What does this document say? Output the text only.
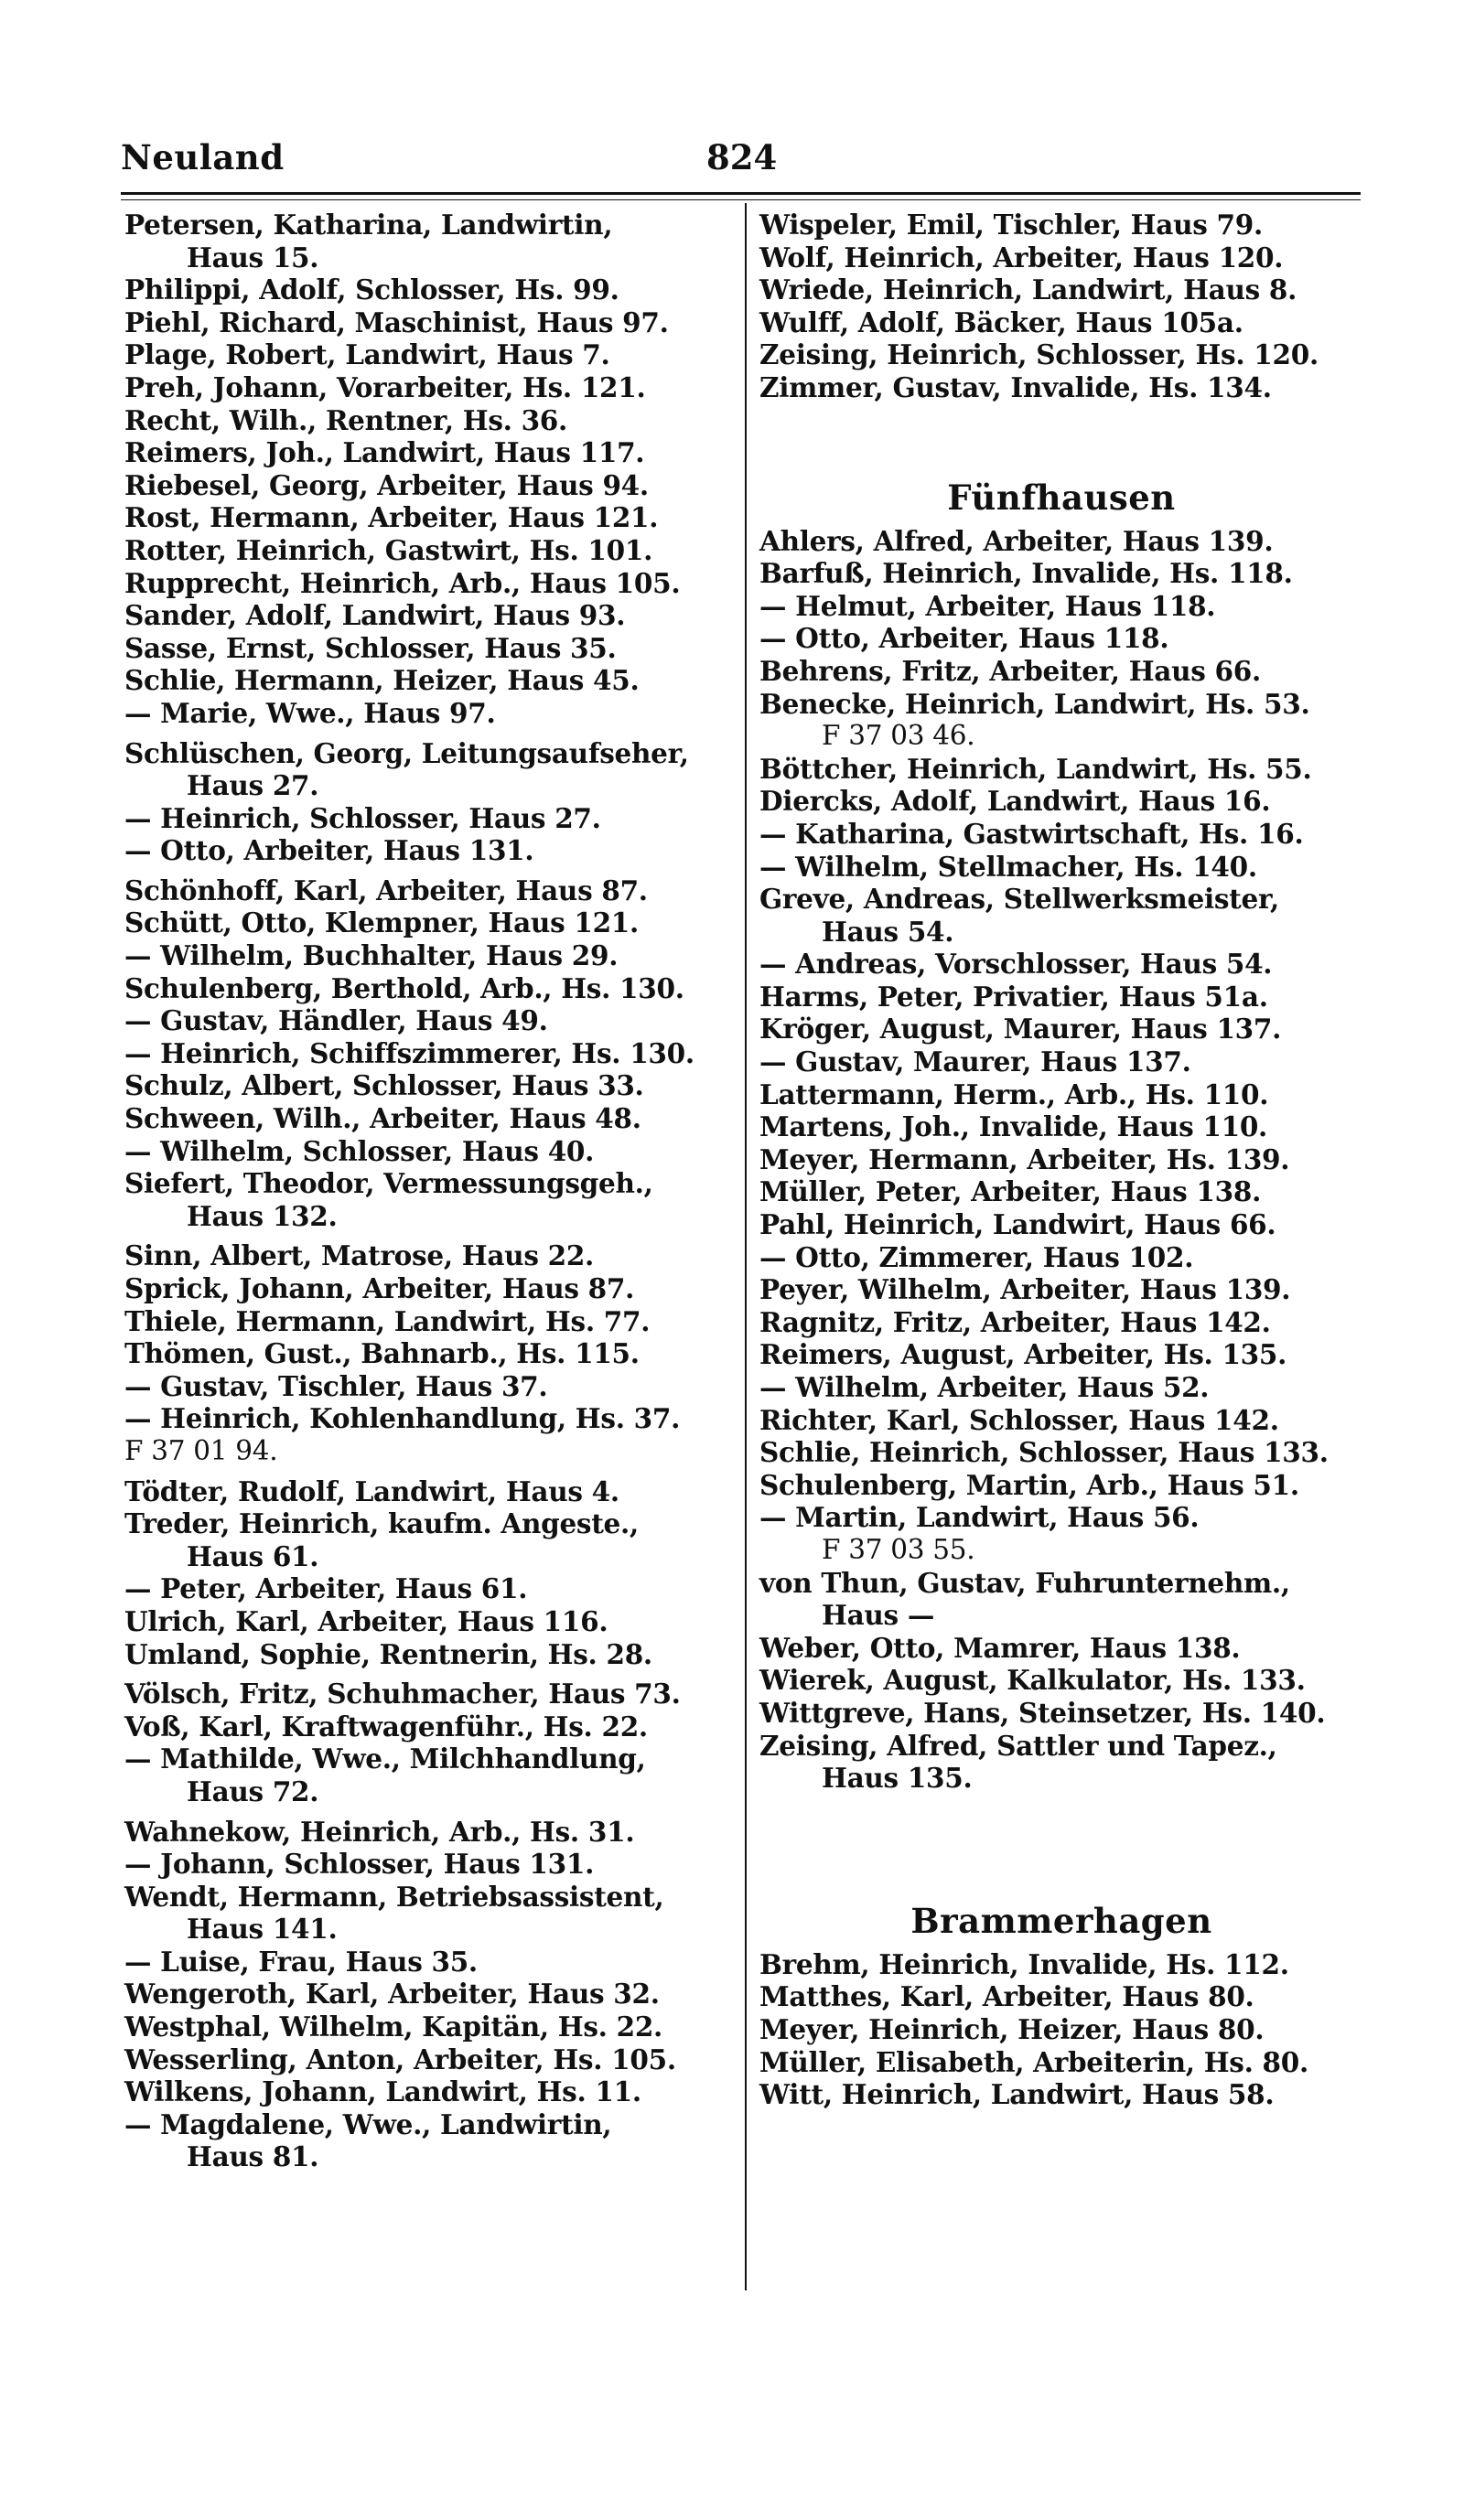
Neuland	824
Petersen, Katharina, Landwirtin,
Haus 15.
Philippi, Adolf, Schlosser, Hs. 99.
Piehl, Richard, Maschinist, Haus 97.
Plage, Robert, Landwirt, Haus 7.
Preh, Johann, Vorarbeiter, Hs. 121.
Recht, Wilh., Rentner, Hs. 36.
Reimers, Joh., Landwirt, Haus 117.
Riebesel, Georg, Arbeiter, Haus 94.
Rost, Hermann, Arbeiter, Haus 121.
Rotter, Heinrich, Gastwirt, Hs. 101.
Rupprecht, Heinrich, Arb., Haus 105.
Sander, Adolf, Landwirt, Haus 93.
Sasse, Ernst, Schlosser, Haus 35.
Schlie, Hermann, Heizer, Haus 45.
— Marie, Wwe., Haus 97.
Schlüschen, Georg, Leitungsaufseher,
Haus 27.
— Heinrich, Schlosser, Haus 27.
— Otto, Arbeiter, Haus 131.
Schönhoff, Karl, Arbeiter, Haus 87.
Schütt, Otto, Klempner, Haus 121.
— Wilhelm, Buchhalter, Haus 29.
Schulenberg, Berthold, Arb., Hs. 130.
— Gustav, Händler, Haus 49.
— Heinrich, Schiffszimmerer, Hs. 130.
Schulz, Albert, Schlosser, Haus 33.
Schween, Wilh., Arbeiter, Haus 48.
— Wilhelm, Schlosser, Haus 40.
Siefert, Theodor, Vermessungsgeh.,
Haus 132.
Sinn, Albert, Matrose, Haus 22.
Sprick, Johann, Arbeiter, Haus 87.
Thiele, Hermann, Landwirt, Hs. 77.
Thömen, Gust., Bahnarb., Hs. 115.
— Gustav, Tischler, Haus 37.
— Heinrich, Kohlenhandlung, Hs. 37.
F 37 01 94.
Tödter, Rudolf, Landwirt, Haus 4.
Treder, Heinrich, kaufm. Angeste.,
Haus 61.
— Peter, Arbeiter, Haus 61.
Ulrich, Karl, Arbeiter, Haus 116.
Umland, Sophie, Rentnerin, Hs. 28.
Völsch, Fritz, Schuhmacher, Haus 73.
Voß, Karl, Kraftwagenführ., Hs. 22.
— Mathilde, Wwe., Milchhandlung,
Haus 72.
Wahnekow, Heinrich, Arb., Hs. 31.
— Johann, Schlosser, Haus 131.
Wendt, Hermann, Betriebsassistent,
Haus 141.
— Luise, Frau, Haus 35.
Wengeroth, Karl, Arbeiter, Haus 32.
Westphal, Wilhelm, Kapitän, Hs. 22.
Wesserling, Anton, Arbeiter, Hs. 105.
Wilkens, Johann, Landwirt, Hs. 11.
— Magdalene, Wwe., Landwirtin,
Haus 81.
Wispeler, Emil, Tischler, Haus 79.
Wolf, Heinrich, Arbeiter, Haus 120.
Wriede, Heinrich, Landwirt, Haus 8.
Wulff, Adolf, Bäcker, Haus 105a.
Zeising, Heinrich, Schlosser, Hs. 120.
Zimmer, Gustav, Invalide, Hs. 134.
Fünfhausen
Ahlers, Alfred, Arbeiter, Haus 139.
Barfuß, Heinrich, Invalide, Hs. 118.
— Helmut, Arbeiter, Haus 118.
— Otto, Arbeiter, Haus 118.
Behrens, Fritz, Arbeiter, Haus 66.
Benecke, Heinrich, Landwirt, Hs. 53.
F 37 03 46.
Böttcher, Heinrich, Landwirt, Hs. 55.
Diercks, Adolf, Landwirt, Haus 16.
— Katharina, Gastwirtschaft, Hs. 16.
— Wilhelm, Stellmacher, Hs. 140.
Greve, Andreas, Stellwerksmeister,
Haus 54.
— Andreas, Vorschlosser, Haus 54.
Harms, Peter, Privatier, Haus 51a.
Kröger, August, Maurer, Haus 137.
— Gustav, Maurer, Haus 137.
Lattermann, Herm., Arb., Hs. 110.
Martens, Joh., Invalide, Haus 110.
Meyer, Hermann, Arbeiter, Hs. 139.
Müller, Peter, Arbeiter, Haus 138.
Pahl, Heinrich, Landwirt, Haus 66.
— Otto, Zimmerer, Haus 102.
Peyer, Wilhelm, Arbeiter, Haus 139.
Ragnitz, Fritz, Arbeiter, Haus 142.
Reimers, August, Arbeiter, Hs. 135.
— Wilhelm, Arbeiter, Haus 52.
Richter, Karl, Schlosser, Haus 142.
Schlie, Heinrich, Schlosser, Haus 133.
Schulenberg, Martin, Arb., Haus 51.
— Martin, Landwirt, Haus 56.
F 37 03 55.
von Thun, Gustav, Fuhrunternehm.,
Haus —
Weber, Otto, Mamrer, Haus 138.
Wierek, August, Kalkulator, Hs. 133.
Wittgreve, Hans, Steinsetzer, Hs. 140.
Zeising, Alfred, Sattler und Tapez.,
Haus 135.
Brammerhagen
Brehm, Heinrich, Invalide, Hs. 112.
Matthes, Karl, Arbeiter, Haus 80.
Meyer, Heinrich, Heizer, Haus 80.
Müller, Elisabeth, Arbeiterin, Hs. 80.
Witt, Heinrich, Landwirt, Haus 58.
